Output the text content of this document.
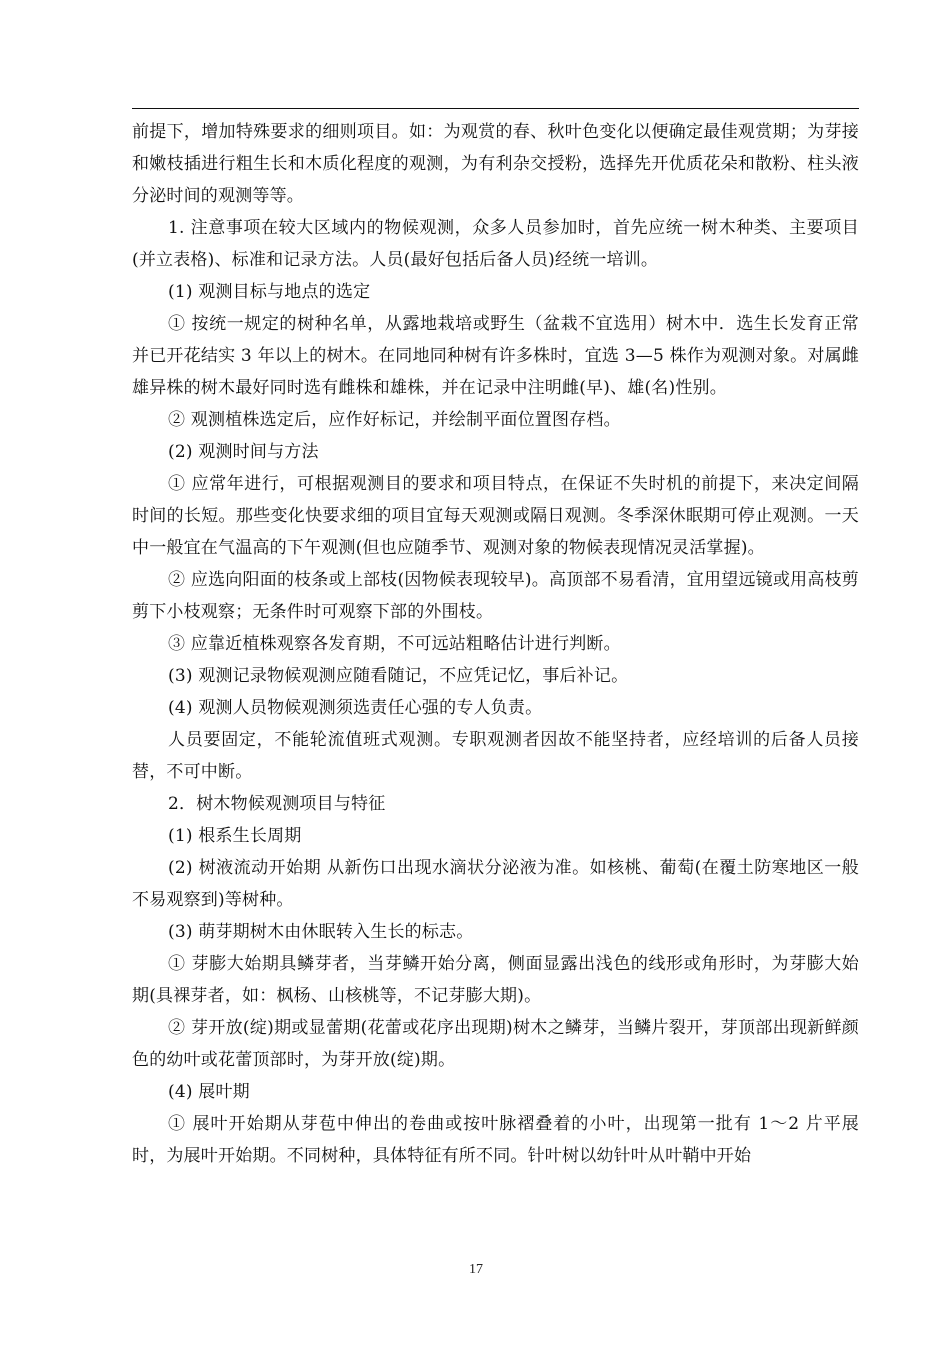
前提下，增加特殊要求的细则项目。如：为观赏的春、秋叶色变化以便确定最佳观赏期；为芽接和嫩枝插进行粗生长和木质化程度的观测，为有利杂交授粉，选择先开优质花朵和散粉、柱头液分泌时间的观测等等。

1. 注意事项在较大区域内的物候观测，众多人员参加时，首先应统一树木种类、主要项目(并立表格)、标准和记录方法。人员(最好包括后备人员)经统一培训。

(1) 观测目标与地点的选定

① 按统一规定的树种名单，从露地栽培或野生（盆栽不宜选用）树木中．选生长发育正常并已开花结实 3 年以上的树木。在同地同种树有许多株时，宜选 3—5 株作为观测对象。对属雌雄异株的树木最好同时选有雌株和雄株，并在记录中注明雌(早)、雄(名)性别。

② 观测植株选定后，应作好标记，并绘制平面位置图存档。

(2) 观测时间与方法

① 应常年进行，可根据观测目的要求和项目特点，在保证不失时机的前提下，来决定间隔时间的长短。那些变化快要求细的项目宜每天观测或隔日观测。冬季深休眠期可停止观测。一天中一般宜在气温高的下午观测(但也应随季节、观测对象的物候表现情况灵活掌握)。

② 应选向阳面的枝条或上部枝(因物候表现较早)。高顶部不易看清，宜用望远镜或用高枝剪剪下小枝观察；无条件时可观察下部的外围枝。

③ 应靠近植株观察各发育期，不可远站粗略估计进行判断。

(3) 观测记录物候观测应随看随记，不应凭记忆，事后补记。

(4) 观测人员物候观测须选责任心强的专人负责。

人员要固定，不能轮流值班式观测。专职观测者因故不能坚持者，应经培训的后备人员接替，不可中断。

2．树木物候观测项目与特征

(1) 根系生长周期

(2) 树液流动开始期 从新伤口出现水滴状分泌液为准。如核桃、葡萄(在覆土防寒地区一般不易观察到)等树种。

(3) 萌芽期树木由休眠转入生长的标志。

① 芽膨大始期具鳞芽者，当芽鳞开始分离，侧面显露出浅色的线形或角形时，为芽膨大始期(具裸芽者，如：枫杨、山核桃等，不记芽膨大期)。

② 芽开放(绽)期或显蕾期(花蕾或花序出现期)树木之鳞芽，当鳞片裂开，芽顶部出现新鲜颜色的幼叶或花蕾顶部时，为芽开放(绽)期。

(4) 展叶期

① 展叶开始期从芽苞中伸出的卷曲或按叶脉褶叠着的小叶，出现第一批有 1～2 片平展时，为展叶开始期。不同树种，具体特征有所不同。针叶树以幼针叶从叶鞘中开始

17
